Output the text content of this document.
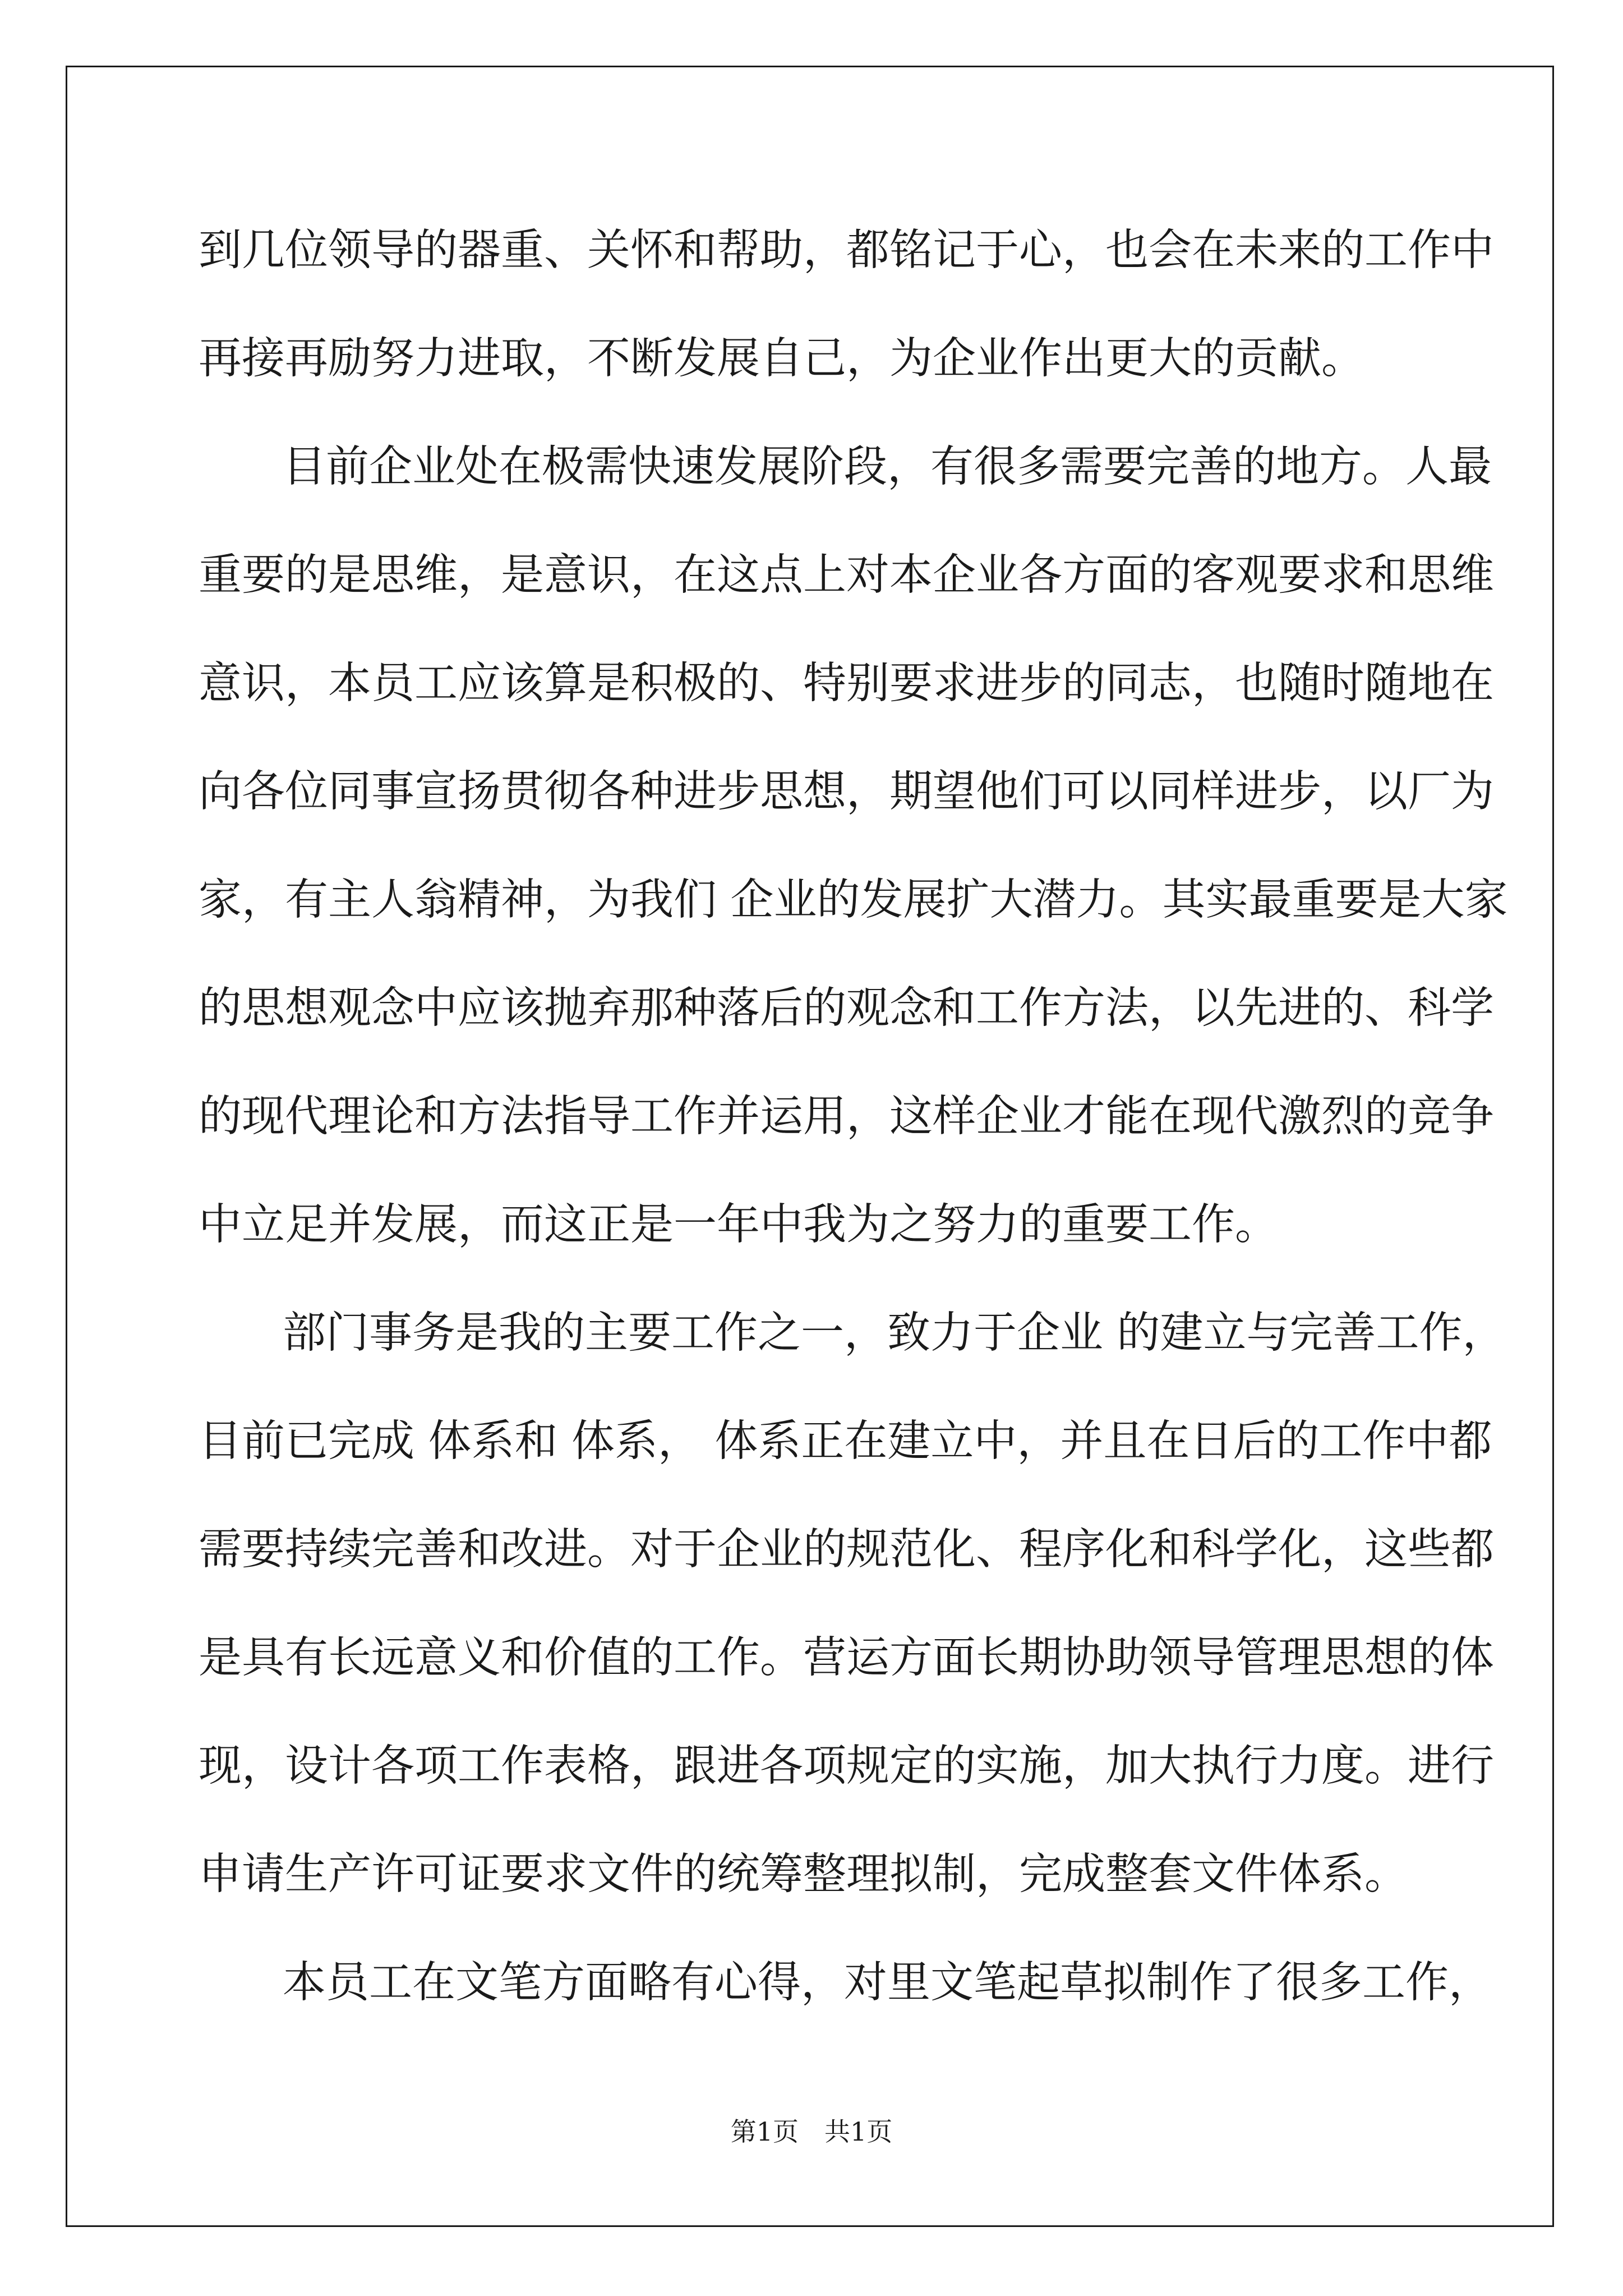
到几位领导的器重、关怀和帮助，都铭记于心，也会在未来的工作中
再接再励努力进取，不断发展自己，为企业作出更大的贡献。
目前企业处在极需快速发展阶段，有很多需要完善的地方。人最
重要的是思维，是意识，在这点上对本企业各方面的客观要求和思维
意识，本员工应该算是积极的、特别要求进步的同志，也随时随地在
向各位同事宣扬贯彻各种进步思想，期望他们可以同样进步，以厂为
家，有主人翁精神，为我们 企业的发展扩大潜力。其实最重要是大家
的思想观念中应该抛弃那种落后的观念和工作方法，以先进的、科学
的现代理论和方法指导工作并运用，这样企业才能在现代激烈的竞争
中立足并发展，而这正是一年中我为之努力的重要工作。
部门事务是我的主要工作之一，致力于企业 的建立与完善工作，
目前已完成 体系和 体系， 体系正在建立中，并且在日后的工作中都
需要持续完善和改进。对于企业的规范化、程序化和科学化，这些都
是具有长远意义和价值的工作。营运方面长期协助领导管理思想的体
现，设计各项工作表格，跟进各项规定的实施，加大执行力度。进行
申请生产许可证要求文件的统筹整理拟制，完成整套文件体系。
本员工在文笔方面略有心得，对里文笔起草拟制作了很多工作，
第1页　共1页
